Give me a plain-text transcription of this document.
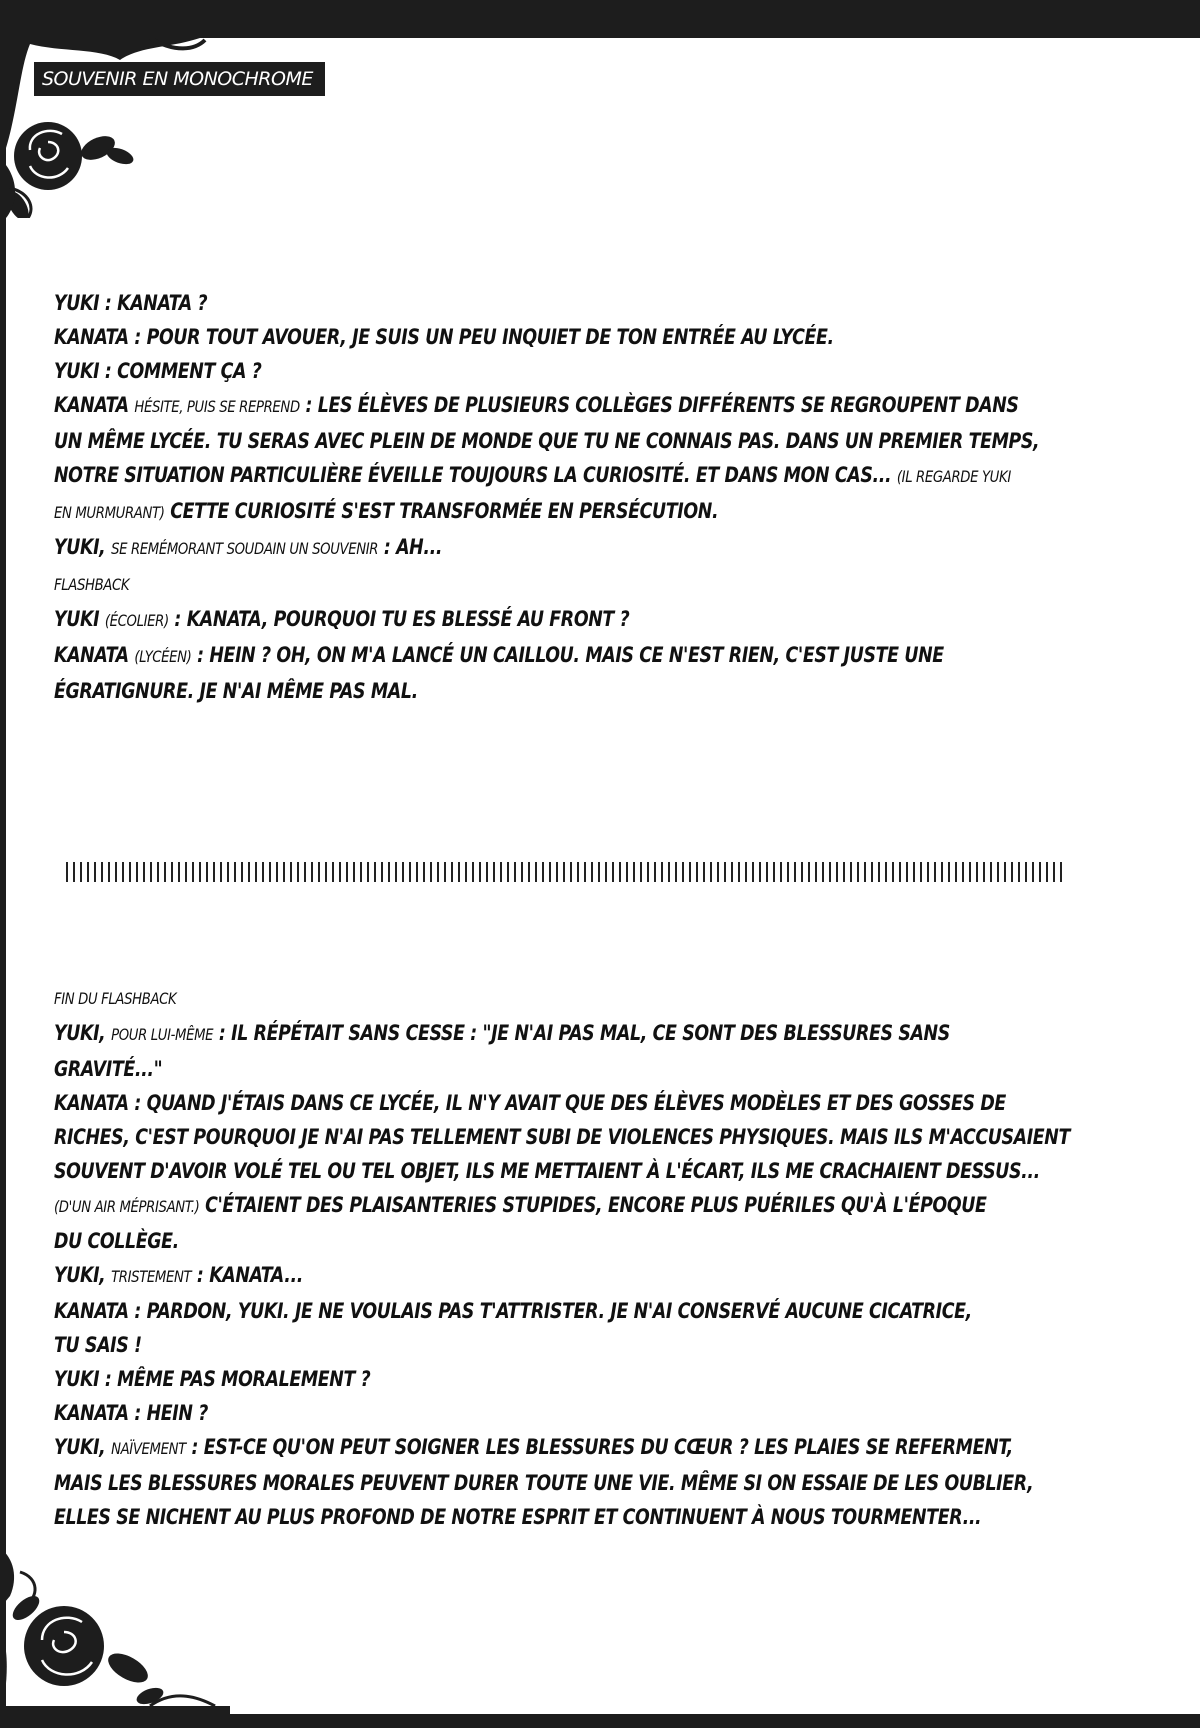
SOUVENIR EN MONOCHROME
YUKI : KANATA ?
KANATA : POUR TOUT AVOUER, JE SUIS UN PEU INQUIET DE TON ENTRÉE AU LYCÉE.
YUKI : COMMENT ÇA ?
KANATA HÉSITE, PUIS SE REPREND : LES ÉLÈVES DE PLUSIEURS COLLÈGES DIFFÉRENTS SE REGROUPENT DANS
UN MÊME LYCÉE. TU SERAS AVEC PLEIN DE MONDE QUE TU NE CONNAIS PAS. DANS UN PREMIER TEMPS,
NOTRE SITUATION PARTICULIÈRE ÉVEILLE TOUJOURS LA CURIOSITÉ. ET DANS MON CAS... (IL REGARDE YUKI
EN MURMURANT) CETTE CURIOSITÉ S'EST TRANSFORMÉE EN PERSÉCUTION.
YUKI, SE REMÉMORANT SOUDAIN UN SOUVENIR : AH...
FLASHBACK
YUKI (ÉCOLIER) : KANATA, POURQUOI TU ES BLESSÉ AU FRONT ?
KANATA (LYCÉEN) : HEIN ? OH, ON M'A LANCÉ UN CAILLOU. MAIS CE N'EST RIEN, C'EST JUSTE UNE
ÉGRATIGNURE. JE N'AI MÊME PAS MAL.
FIN DU FLASHBACK
YUKI, POUR LUI-MÊME : IL RÉPÉTAIT SANS CESSE : "JE N'AI PAS MAL, CE SONT DES BLESSURES SANS
GRAVITÉ..."
KANATA : QUAND J'ÉTAIS DANS CE LYCÉE, IL N'Y AVAIT QUE DES ÉLÈVES MODÈLES ET DES GOSSES DE
RICHES, C'EST POURQUOI JE N'AI PAS TELLEMENT SUBI DE VIOLENCES PHYSIQUES. MAIS ILS M'ACCUSAIENT
SOUVENT D'AVOIR VOLÉ TEL OU TEL OBJET, ILS ME METTAIENT À L'ÉCART, ILS ME CRACHAIENT DESSUS...
(D'UN AIR MÉPRISANT.) C'ÉTAIENT DES PLAISANTERIES STUPIDES, ENCORE PLUS PUÉRILES QU'À L'ÉPOQUE
DU COLLÈGE.
YUKI, TRISTEMENT : KANATA...
KANATA : PARDON, YUKI. JE NE VOULAIS PAS T'ATTRISTER. JE N'AI CONSERVÉ AUCUNE CICATRICE,
TU SAIS !
YUKI : MÊME PAS MORALEMENT ?
KANATA : HEIN ?
YUKI, NAÏVEMENT : EST-CE QU'ON PEUT SOIGNER LES BLESSURES DU CŒUR ? LES PLAIES SE REFERMENT,
MAIS LES BLESSURES MORALES PEUVENT DURER TOUTE UNE VIE. MÊME SI ON ESSAIE DE LES OUBLIER,
ELLES SE NICHENT AU PLUS PROFOND DE NOTRE ESPRIT ET CONTINUENT À NOUS TOURMENTER...
